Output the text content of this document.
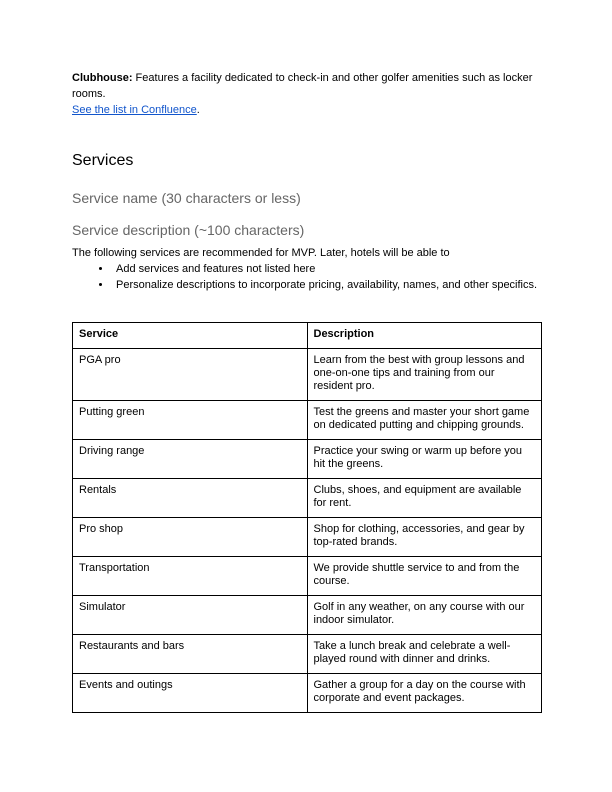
Clubhouse: Features a facility dedicated to check-in and other golfer amenities such as locker rooms.

See the list in Confluence.

Services
Service name (30 characters or less)
Service description (~100 characters)

The following services are recommended for MVP. Later, hotels will be able to

• Add services and features not listed here
• Personalize descriptions to incorporate pricing, availability, names, and other specifics.
Service	Description
PGA pro	Learn from the best with group lessons and one-on-one tips and training from our resident pro.
Putting green	Test the greens and master your short game on dedicated putting and chipping grounds.
Driving range	Practice your swing or warm up before you hit the greens.
Rentals	Clubs, shoes, and equipment are available for rent.
Pro shop	Shop for clothing, accessories, and gear by top-rated brands.
Transportation	We provide shuttle service to and from the course.
Simulator	Golf in any weather, on any course with our indoor simulator.
Restaurants and bars	Take a lunch break and celebrate a well-played round with dinner and drinks.
Events and outings	Gather a group for a day on the course with corporate and event packages.
